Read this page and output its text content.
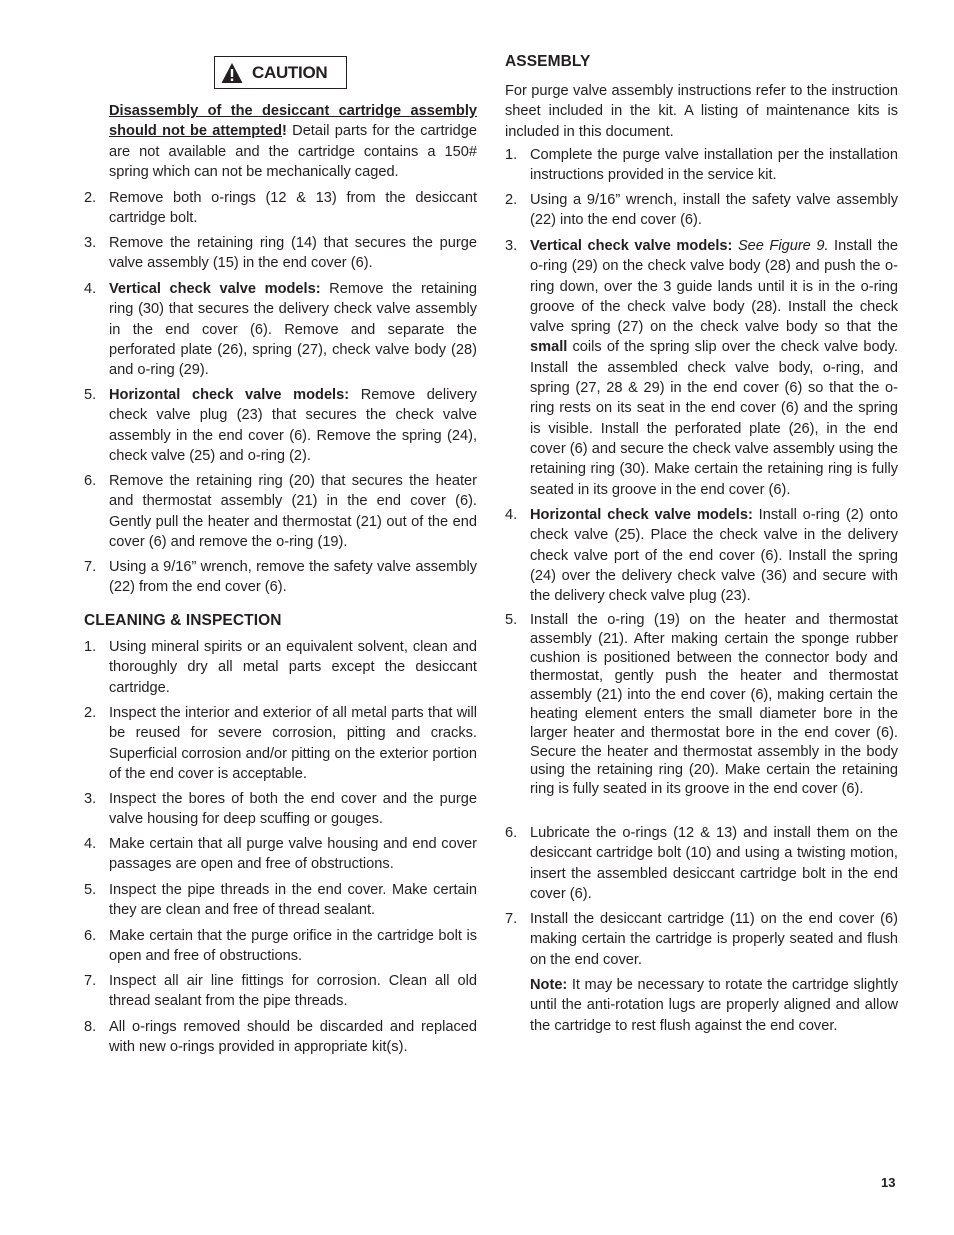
CAUTION
Disassembly of the desiccant cartridge assembly should not be attempted! Detail parts for the cartridge are not available and the cartridge contains a 150# spring which can not be mechanically caged.
2. Remove both o-rings (12 & 13) from the desiccant cartridge bolt.
3. Remove the retaining ring (14) that secures the purge valve assembly (15) in the end cover (6).
4. Vertical check valve models: Remove the retaining ring (30) that secures the delivery check valve assembly in the end cover (6). Remove and separate the perforated plate (26), spring (27), check valve body (28) and o-ring (29).
5. Horizontal check valve models: Remove delivery check valve plug (23) that secures the check valve assembly in the end cover (6). Remove the spring (24), check valve (25) and o-ring (2).
6. Remove the retaining ring (20) that secures the heater and thermostat assembly (21) in the end cover (6). Gently pull the heater and thermostat (21) out of the end cover (6) and remove the o-ring (19).
7. Using a 9/16” wrench, remove the safety valve assembly (22) from the end cover (6).
CLEANING & INSPECTION
1. Using mineral spirits or an equivalent solvent, clean and thoroughly dry all metal parts except the desiccant cartridge.
2. Inspect the interior and exterior of all metal parts that will be reused for severe corrosion, pitting and cracks. Superficial corrosion and/or pitting on the exterior portion of the end cover is acceptable.
3. Inspect the bores of both the end cover and the purge valve housing for deep scuffing or gouges.
4. Make certain that all purge valve housing and end cover passages are open and free of obstructions.
5. Inspect the pipe threads in the end cover. Make certain they are clean and free of thread sealant.
6. Make certain that the purge orifice in the cartridge bolt is open and free of obstructions.
7. Inspect all air line fittings for corrosion. Clean all old thread sealant from the pipe threads.
8. All o-rings removed should be discarded and replaced with new o-rings provided in appropriate kit(s).
ASSEMBLY
For purge valve assembly instructions refer to the instruction sheet included in the kit. A listing of maintenance kits is included in this document.
1. Complete the purge valve installation per the installation instructions provided in the service kit.
2. Using a 9/16” wrench, install the safety valve assembly (22) into the end cover (6).
3. Vertical check valve models: See Figure 9. Install the o-ring (29) on the check valve body (28) and push the o-ring down, over the 3 guide lands until it is in the o-ring groove of the check valve body (28). Install the check valve spring (27) on the check valve body so that the small coils of the spring slip over the check valve body. Install the assembled check valve body, o-ring, and spring (27, 28 & 29) in the end cover (6) so that the o-ring rests on its seat in the end cover (6) and the spring is visible. Install the perforated plate (26), in the end cover (6) and secure the check valve assembly using the retaining ring (30). Make certain the retaining ring is fully seated in its groove in the end cover (6).
4. Horizontal check valve models: Install o-ring (2) onto check valve (25). Place the check valve in the delivery check valve port of the end cover (6). Install the spring (24) over the delivery check valve (36) and secure with the delivery check valve plug (23).
5. Install the o-ring (19) on the heater and thermostat assembly (21). After making certain the sponge rubber cushion is positioned between the connector body and thermostat, gently push the heater and thermostat assembly (21) into the end cover (6), making certain the heating element enters the small diameter bore in the larger heater and thermostat bore in the end cover (6). Secure the heater and thermostat assembly in the body using the retaining ring (20). Make certain the retaining ring is fully seated in its groove in the end cover (6).
6. Lubricate the o-rings (12 & 13) and install them on the desiccant cartridge bolt (10) and using a twisting motion, insert the assembled desiccant cartridge bolt in the end cover (6).
7. Install the desiccant cartridge (11) on the end cover (6) making certain the cartridge is properly seated and flush on the end cover.
Note: It may be necessary to rotate the cartridge slightly until the anti-rotation lugs are properly aligned and allow the cartridge to rest flush against the end cover.
13
